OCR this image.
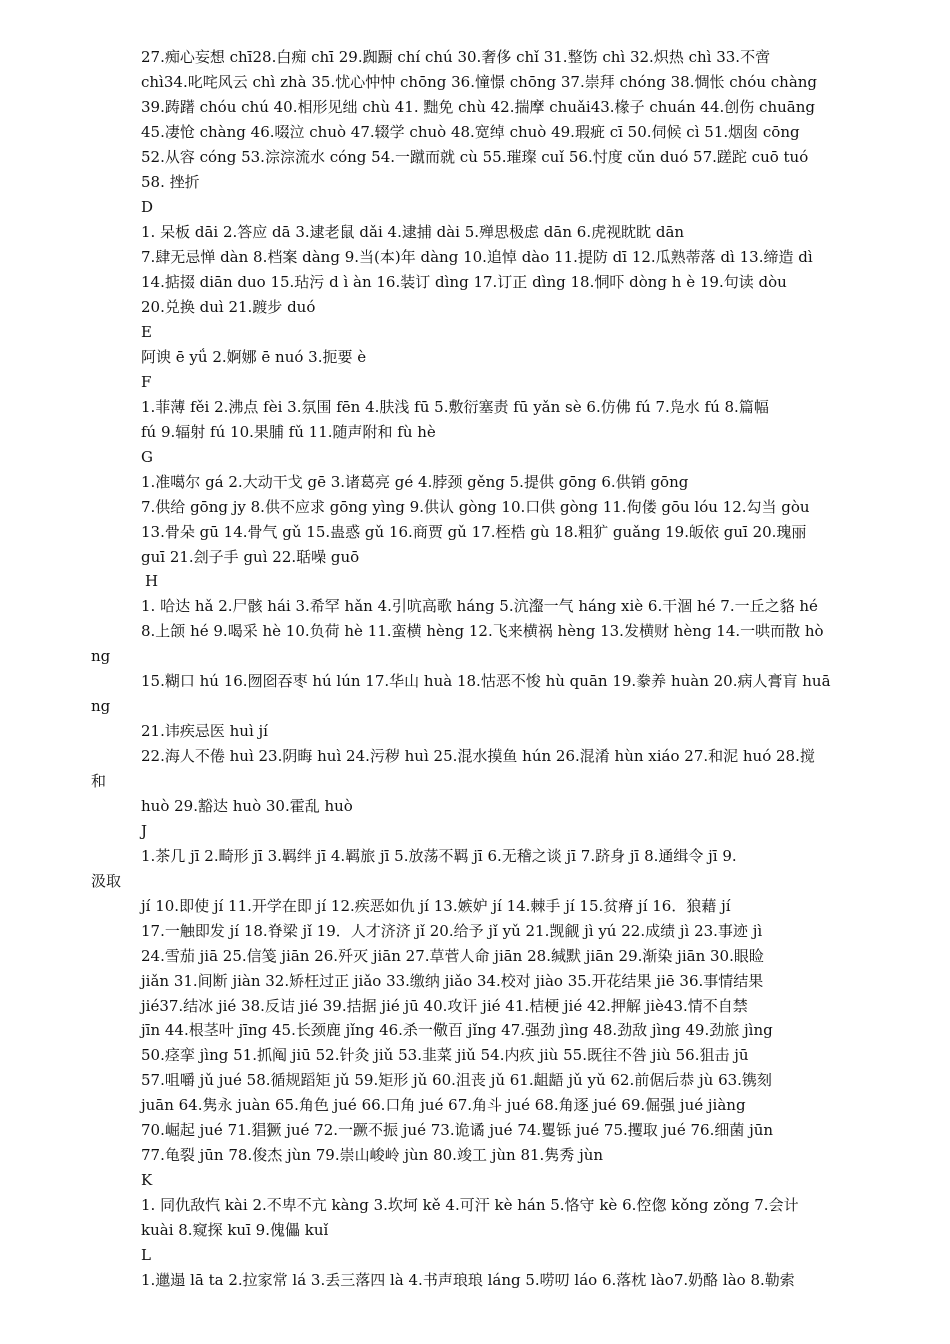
27.痴心妄想 chī28.白痴 chī 29.踟蹰 chí chú 30.奢侈 chǐ 31.整饬 chì 32.炽热 chì 33.不啻
chì34.叱咤风云 chì zhà 35.忧心忡忡 chōng 36.憧憬 chōng 37.崇拜 chóng 38.惆怅 chóu chàng
39.踌躇 chóu chú 40.相形见绌 chù 41. 黜免 chù 42.揣摩 chuǎi43.椽子 chuán 44.创伤 chuāng
45.凄怆 chàng 46.啜泣 chuò 47.辍学 chuò 48.宽绰 chuò 49.瑕疵 cī 50.伺候 cì 51.烟囱 cōng
52.从容 cóng 53.淙淙流水 cóng 54.一蹴而就 cù 55.璀璨 cuǐ 56.忖度 cǔn duó 57.蹉跎 cuō tuó
58. 挫折
D
1. 呆板 dāi 2.答应 dā 3.逮老鼠 dǎi 4.逮捕 dài 5.殚思极虑 dān 6.虎视眈眈 dān
7.肆无忌惮 dàn 8.档案 dàng 9.当(本)年 dàng 10.追悼 dào 11.提防 dī 12.瓜熟蒂落 dì 13.缔造 dì
14.掂掇 diān duo 15.玷污 d ì àn 16.装订 dìng 17.订正 dìng 18.恫吓 dòng h è 19.句读 dòu
20.兑换 duì 21.踱步 duó
E
阿谀 ē yǘ 2.婀娜 ē nuó 3.扼要 è
F
1.菲薄 fěi 2.沸点 fèi 3.氛围 fēn 4.肤浅 fū 5.敷衍塞责 fū yǎn sè 6.仿佛 fú 7.凫水 fú 8.篇幅
fú 9.辐射 fú 10.果脯 fǔ 11.随声附和 fù hè
G
1.准噶尔 gá 2.大动干戈 gē 3.诸葛亮 gé 4.脖颈 gěng 5.提供 gōng 6.供销 gōng
7.供给 gōng jy 8.供不应求 gōng yìng 9.供认 gòng 10.口供 gòng 11.佝偻 gōu lóu 12.勾当 gòu
13.骨朵 gū 14.骨气 gǔ 15.蛊惑 gǔ 16.商贾 gǔ 17.桎梏 gù 18.粗犷 guǎng 19.皈依 guī 20.瑰丽
guī 21.刽子手 guì 22.聒噪 guō
H
1. 哈达 hǎ 2.尸骸 hái 3.希罕 hǎn 4.引吭高歌 háng 5.沆瀣一气 háng xiè 6.干涸 hé 7.一丘之貉 hé
8.上颌 hé 9.喝采 hè 10.负荷 hè 11.蛮横 hèng 12.飞来横祸 hèng 13.发横财 hèng 14.一哄而散 hò
ng
15.糊口 hú 16.囫囵吞枣 hú lún 17.华山 huà 18.怙恶不悛 hù quān 19.豢养 huàn 20.病人膏肓 huā
ng
21.讳疾忌医 huì jí
22.海人不倦 huì 23.阴晦 huì 24.污秽 huì 25.混水摸鱼 hún 26.混淆 hùn xiáo 27.和泥 huó 28.搅
和
huò 29.豁达 huò 30.霍乱 huò
J
1.茶几 jī 2.畸形 jī 3.羁绊 jī 4.羁旅 jī 5.放荡不羁 jī 6.无稽之谈 jī 7.跻身 jī 8.通缉令 jī 9.
汲取
jí 10.即使 jí 11.开学在即 jí 12.疾恶如仇 jí 13.嫉妒 jí 14.棘手 jí 15.贫瘠 jí 16．狼藉 jí
17.一触即发 jí 18.脊梁 jǐ 19．人才济济 jǐ 20.给予 jǐ yǔ 21.觊觎 jì yú 22.成绩 jì 23.事迹 jì
24.雪茄 jiā 25.信笺 jiān 26.歼灭 jiān 27.草菅人命 jiān 28.缄默 jiān 29.渐染 jiān 30.眼睑
jiǎn 31.间断 jiàn 32.矫枉过正 jiǎo 33.缴纳 jiǎo 34.校对 jiào 35.开花结果 jiē 36.事情结果
jié37.结冰 jié 38.反诘 jié 39.拮据 jié jū 40.攻讦 jié 41.桔梗 jié 42.押解 jiè43.情不自禁
jīn 44.根茎叶 jīng 45.长颈鹿 jǐng 46.杀一儆百 jǐng 47.强劲 jìng 48.劲敌 jìng 49.劲旅 jìng
50.痉挛 jìng 51.抓阄 jiū 52.针灸 jiǔ 53.韭菜 jiǔ 54.内疚 jiù 55.既往不咎 jiù 56.狙击 jū
57.咀嚼 jǔ jué 58.循规蹈矩 jǔ 59.矩形 jǔ 60.沮丧 jǔ 61.龃龉 jǔ yǔ 62.前倨后恭 jù 63.镌刻
juān 64.隽永 juàn 65.角色 jué 66.口角 jué 67.角斗 jué 68.角逐 jué 69.倔强 jué jiàng
70.崛起 jué 71.猖獗 jué 72.一蹶不振 jué 73.诡谲 jué 74.矍铄 jué 75.攫取 jué 76.细菌 jūn
77.龟裂 jūn 78.俊杰 jùn 79.崇山峻岭 jùn 80.竣工 jùn 81.隽秀 jùn
K
1. 同仇敌忾 kài 2.不卑不亢 kàng 3.坎坷 kě 4.可汗 kè hán 5.恪守 kè 6.倥偬 kǒng zǒng 7.会计
kuài 8.窥探 kuī 9.傀儡 kuǐ
L
1.邋遢 lā ta 2.拉家常 lá 3.丢三落四 là 4.书声琅琅 láng 5.唠叨 láo 6.落枕 lào7.奶酪 lào 8.勒索
